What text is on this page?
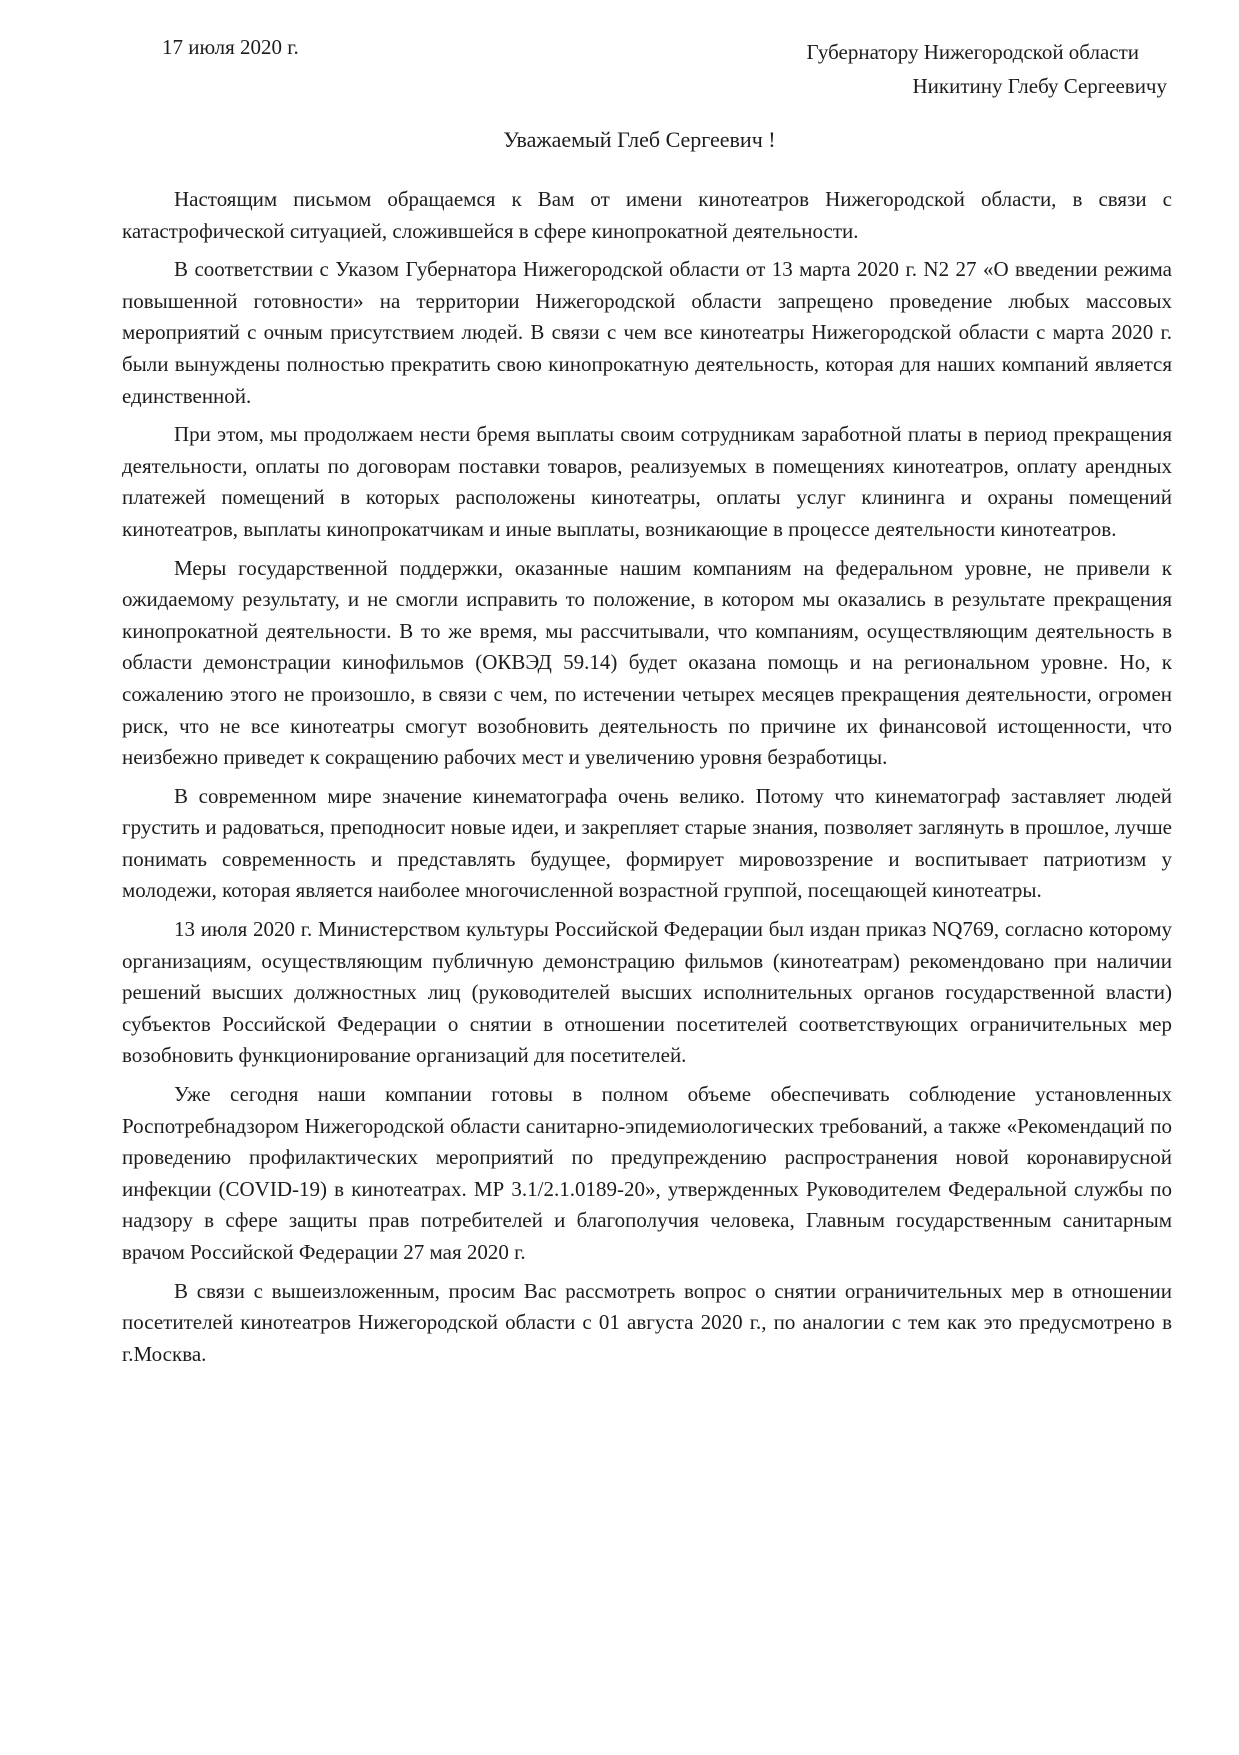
17 июля 2020 г.	Губернатору Нижегородской области
Никитину Глебу Сергеевичу
Уважаемый Глеб Сергеевич !

Настоящим письмом обращаемся к Вам от имени кинотеатров Нижегородской области, в связи с катастрофической ситуацией, сложившейся в сфере кинопрокатной деятельности.

В соответствии с Указом Губернатора Нижегородской области от 13 марта 2020 г. N2 27 «О введении режима повышенной готовности» на территории Нижегородской области запрещено проведение любых массовых мероприятий с очным присутствием людей. В связи с чем все кинотеатры Нижегородской области с марта 2020 г. были вынуждены полностью прекратить свою кинопрокатную деятельность, которая для наших компаний является единственной.

При этом, мы продолжаем нести бремя выплаты своим сотрудникам заработной платы в период прекращения деятельности, оплаты по договорам поставки товаров, реализуемых в помещениях кинотеатров, оплату арендных платежей помещений в которых расположены кинотеатры, оплаты услуг клининга и охраны помещений кинотеатров, выплаты кинопрокатчикам и иные выплаты, возникающие в процессе деятельности кинотеатров.

Меры государственной поддержки, оказанные нашим компаниям на федеральном уровне, не привели к ожидаемому результату, и не смогли исправить то положение, в котором мы оказались в результате прекращения кинопрокатной деятельности. В то же время, мы рассчитывали, что компаниям, осуществляющим деятельность в области демонстрации кинофильмов (ОКВЭД 59.14) будет оказана помощь и на региональном уровне. Но, к сожалению этого не произошло, в связи с чем, по истечении четырех месяцев прекращения деятельности, огромен риск, что не все кинотеатры смогут возобновить деятельность по причине их финансовой истощенности, что неизбежно приведет к сокращению рабочих мест и увеличению уровня безработицы.

В современном мире значение кинематографа очень велико. Потому что кинематограф заставляет людей грустить и радоваться, преподносит новые идеи, и закрепляет старые знания, позволяет заглянуть в прошлое, лучше понимать современность и представлять будущее, формирует мировоззрение и воспитывает патриотизм у молодежи, которая является наиболее многочисленной возрастной группой, посещающей кинотеатры.

13 июля 2020 г. Министерством культуры Российской Федерации был издан приказ NQ769, согласно которому организациям, осуществляющим публичную демонстрацию фильмов (кинотеатрам) рекомендовано при наличии решений высших должностных лиц (руководителей высших исполнительных органов государственной власти) субъектов Российской Федерации о снятии в отношении посетителей соответствующих ограничительных мер возобновить функционирование организаций для посетителей.

Уже сегодня наши компании готовы в полном объеме обеспечивать соблюдение установленных Роспотребнадзором Нижегородской области санитарно-эпидемиологических требований, а также «Рекомендаций по проведению профилактических мероприятий по предупреждению распространения новой коронавирусной инфекции (COVID-19) в кинотеатрах. МР 3.1/2.1.0189-20», утвержденных Руководителем Федеральной службы по надзору в сфере защиты прав потребителей и благополучия человека, Главным государственным санитарным врачом Российской Федерации 27 мая 2020 г.

В связи с вышеизложенным, просим Вас рассмотреть вопрос о снятии ограничительных мер в отношении посетителей кинотеатров Нижегородской области с 01 августа 2020 г., по аналогии с тем как это предусмотрено в г.Москва.
